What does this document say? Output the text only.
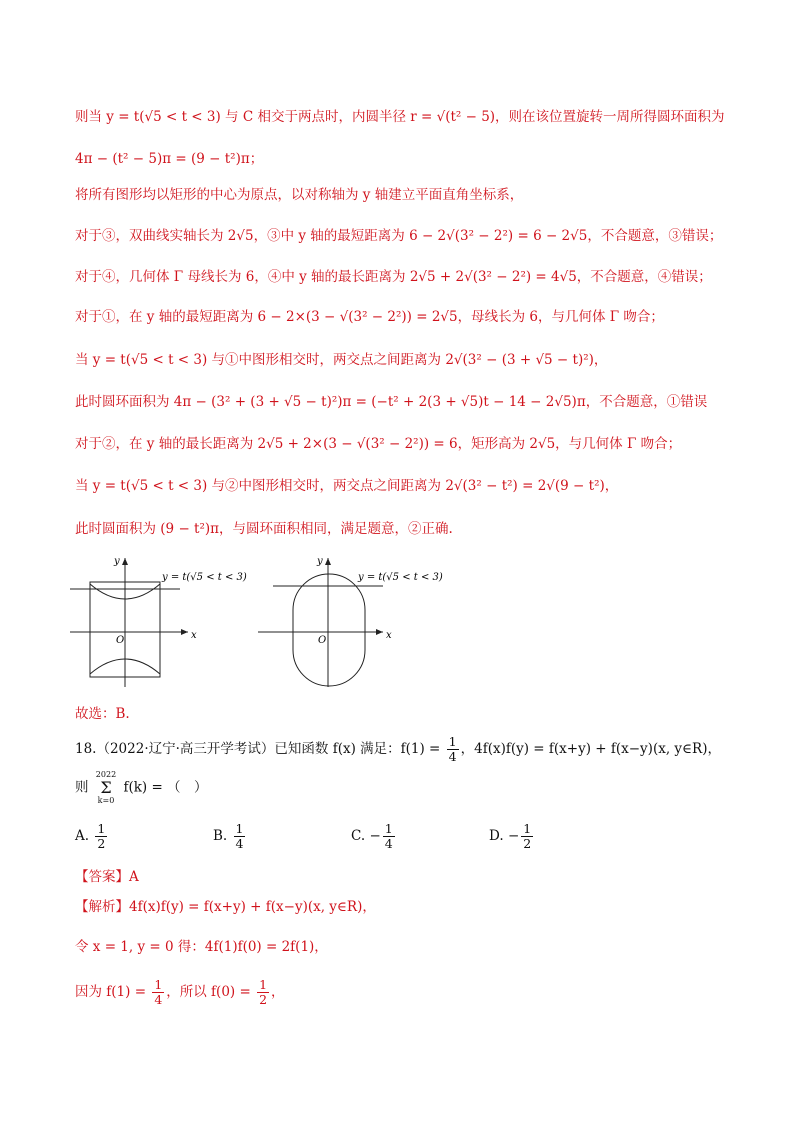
则当 y = t(√5 < t < 3) 与 C 相交于两点时，内圆半径 r = √(t² − 5)，则在该位置旋转一周所得圆环面积为
4π − (t² − 5)π = (9 − t²)π；
将所有图形均以矩形的中心为原点，以对称轴为 y 轴建立平面直角坐标系，
对于③，双曲线实轴长为 2√5，③中 y 轴的最短距离为 6 − 2√(3² − 2²) = 6 − 2√5，不合题意，③错误；
对于④，几何体 Γ 母线长为 6，④中 y 轴的最长距离为 2√5 + 2√(3² − 2²) = 4√5，不合题意，④错误；
对于①，在 y 轴的最短距离为 6 − 2×(3 − √(3² − 2²)) = 2√5，母线长为 6，与几何体 Γ 吻合；
当 y = t(√5 < t < 3) 与①中图形相交时，两交点之间距离为 2√(3² − (3 + √5 − t)²)，
此时圆环面积为 4π − (3² + (3 + √5 − t)²)π = (−t² + 2(3 + √5)t − 14 − 2√5)π，不合题意，①错误
对于②，在 y 轴的最长距离为 2√5 + 2×(3 − √(3² − 2²)) = 6，矩形高为 2√5，与几何体 Γ 吻合；
当 y = t(√5 < t < 3) 与②中图形相交时，两交点之间距离为 2√(3² − t²) = 2√(9 − t²)，
此时圆面积为 (9 − t²)π，与圆环面积相同，满足题意，②正确.
x
y
O
y = t(√5 < t < 3)
x
y
O
y = t(√5 < t < 3)
故选：B.
18.（2022·辽宁·高三开学考试）已知函数 f(x) 满足：$f(1) = \frac{1}{4}$ ，4f(x)f(y) = f(x+y) + f(x−y)(x, y∈R)，
则
2022
Σ
k=0
f(k) = （　）
A. $\frac{1}{2}$	B. $\frac{1}{4}$	C. − $\frac{1}{4}$	D. − $\frac{1}{2}$
【答案】A
【解析】4f(x)f(y) = f(x+y) + f(x−y)(x, y∈R)，
令 x = 1, y = 0 得：4f(1)f(0) = 2f(1)，
因为 $f(1) = \frac{1}{4}$ ，所以 $f(0) = \frac{1}{2}$ ，
